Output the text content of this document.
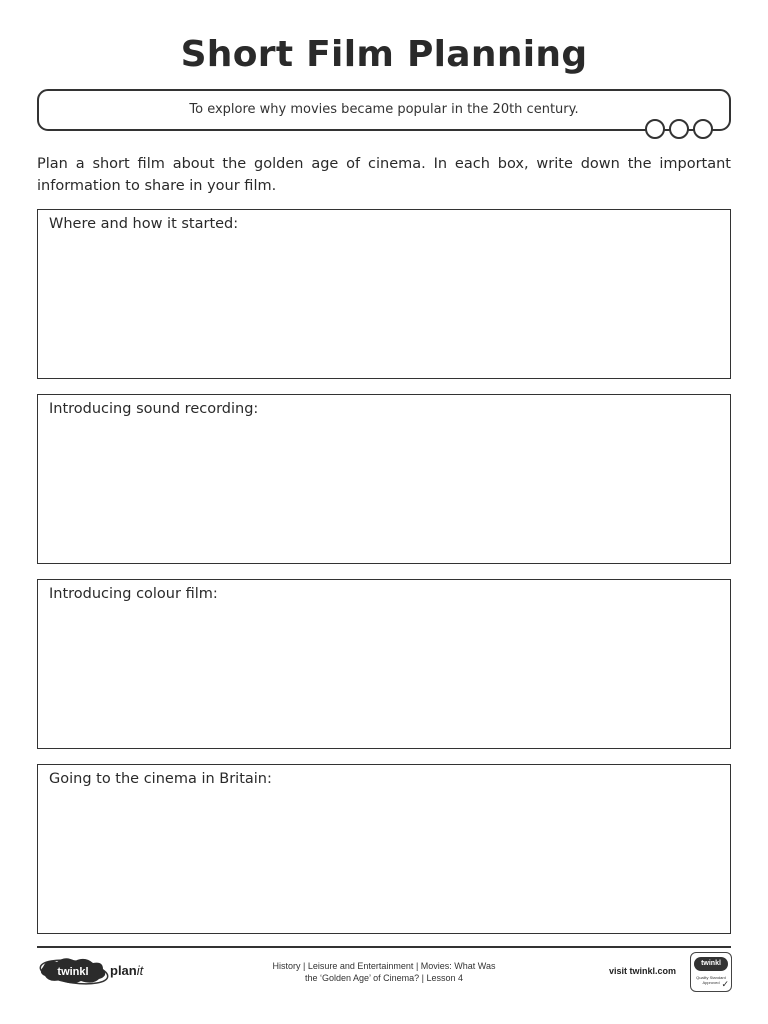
Short Film Planning
To explore why movies became popular in the 20th century.
Plan a short film about the golden age of cinema. In each box, write down the important information to share in your film.
Where and how it started:
Introducing sound recording:
Introducing colour film:
Going to the cinema in Britain:
twinkl planit	History | Leisure and Entertainment | Movies: What Was
the ‘Golden Age’ of Cinema? | Lesson 4
visit twinkl.com
twinkl
Quality Standard
Approved ✓
